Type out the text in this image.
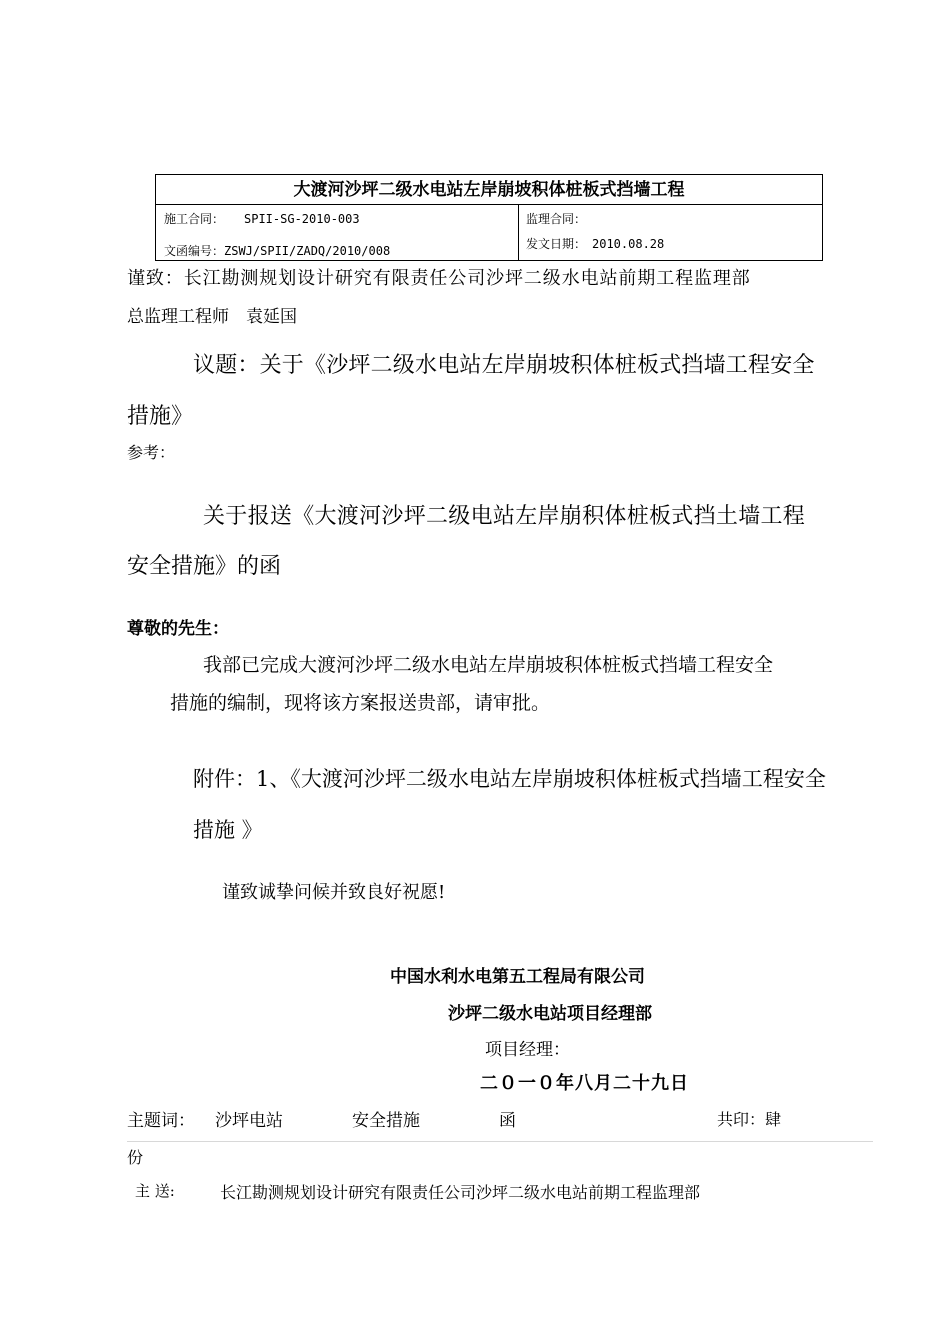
大渡河沙坪二级水电站左岸崩坡积体桩板式挡墙工程
施工合同： SPII-SG-2010-003
文函编号： ZSWJ/SPII/ZADQ/2010/008
监理合同：
发文日期： 2010.08.28
谨致：长江勘测规划设计研究有限责任公司沙坪二级水电站前期工程监理部
总监理工程师　袁延国
议题：关于《沙坪二级水电站左岸崩坡积体桩板式挡墙工程安全
措施》
参考：
关于报送《大渡河沙坪二级电站左岸崩积体桩板式挡土墙工程
安全措施》的函
尊敬的先生：
我部已完成大渡河沙坪二级水电站左岸崩坡积体桩板式挡墙工程安全
措施的编制，现将该方案报送贵部，请审批。
附件：1、《大渡河沙坪二级水电站左岸崩坡积体桩板式挡墙工程安全
措施 》
谨致诚挚问候并致良好祝愿!
中国水利水电第五工程局有限公司
沙坪二级水电站项目经理部
项目经理：
二０一０年八月二十九日
主题词： 沙坪电站	安全措施	函	共印：肆
份
主 送:	长江勘测规划设计研究有限责任公司沙坪二级水电站前期工程监理部
